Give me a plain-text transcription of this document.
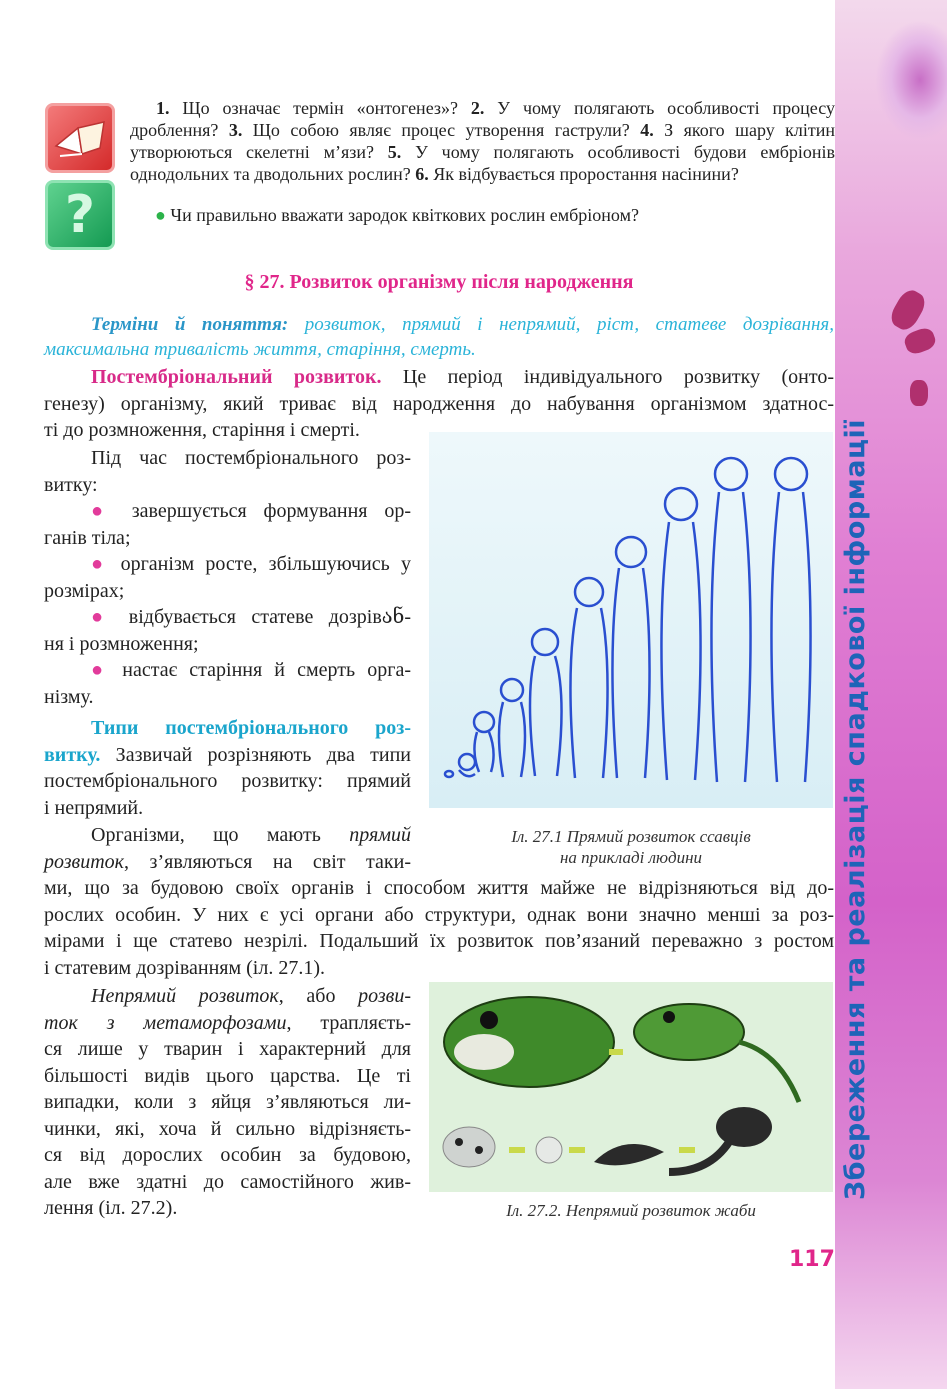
Збереження та реалізація спадкової інформації
?
1. Що означає термін «онтогенез»? 2. У чому полягають особливості процесу дроблення? 3. Що собою являє процес утворення гаструли? 4. З якого шару клітин утворюються скелетні м’язи? 5. У чому полягають особливості будови ембріонів однодольних та дводольних рослин? 6. Як відбувається проростання насінини?
● Чи правильно вважати зародок квіткових рослин ембріоном?
§ 27. Розвиток організму після народження
Терміни й поняття: розвиток, прямий і непрямий, ріст, статеве дозрівання, максимальна тривалість життя, старіння, смерть.
Постембріональний розвиток. Це період індивідуального розвитку (онто-
генезу) організму, який триває від народження до набування організмом здатнос-
ті до розмноження, старіння і смерті.
Під час постембріонального роз-
витку:
● завершується формування ор-
ганів тіла;
● організм росте, збільшуючись у
розмірах;
● відбувається статеве дозрівან-
ня і розмноження;
● настає старіння й смерть орга-
нізму.
Типи постембріонального роз-
витку. Зазвичай розрізняють два типи
постембріонального розвитку: прямий
і непрямий.
Організми, що мають прямий
розвиток, з’являються на світ таки-
ми, що за будовою своїх органів і способом життя майже не відрізняються від до-
рослих особин. У них є усі органи або структури, однак вони значно менші за роз-
мірами і ще статево незрілі. Подальший їх розвиток пов’язаний переважно з ростом
і статевим дозріванням (іл. 27.1).
Непрямий розвиток, або розви-
ток з метаморфозами, трапляєть-
ся лише у тварин і характерний для
більшості видів цього царства. Це ті
випадки, коли з яйця з’являються ли-
чинки, які, хоча й сильно відрізняєть-
ся від дорослих особин за будовою,
але вже здатні до самостійного жив-
лення (іл. 27.2).
Іл. 27.1 Прямий розвиток ссавців
на прикладі людини
Іл. 27.2. Непрямий розвиток жаби
117
